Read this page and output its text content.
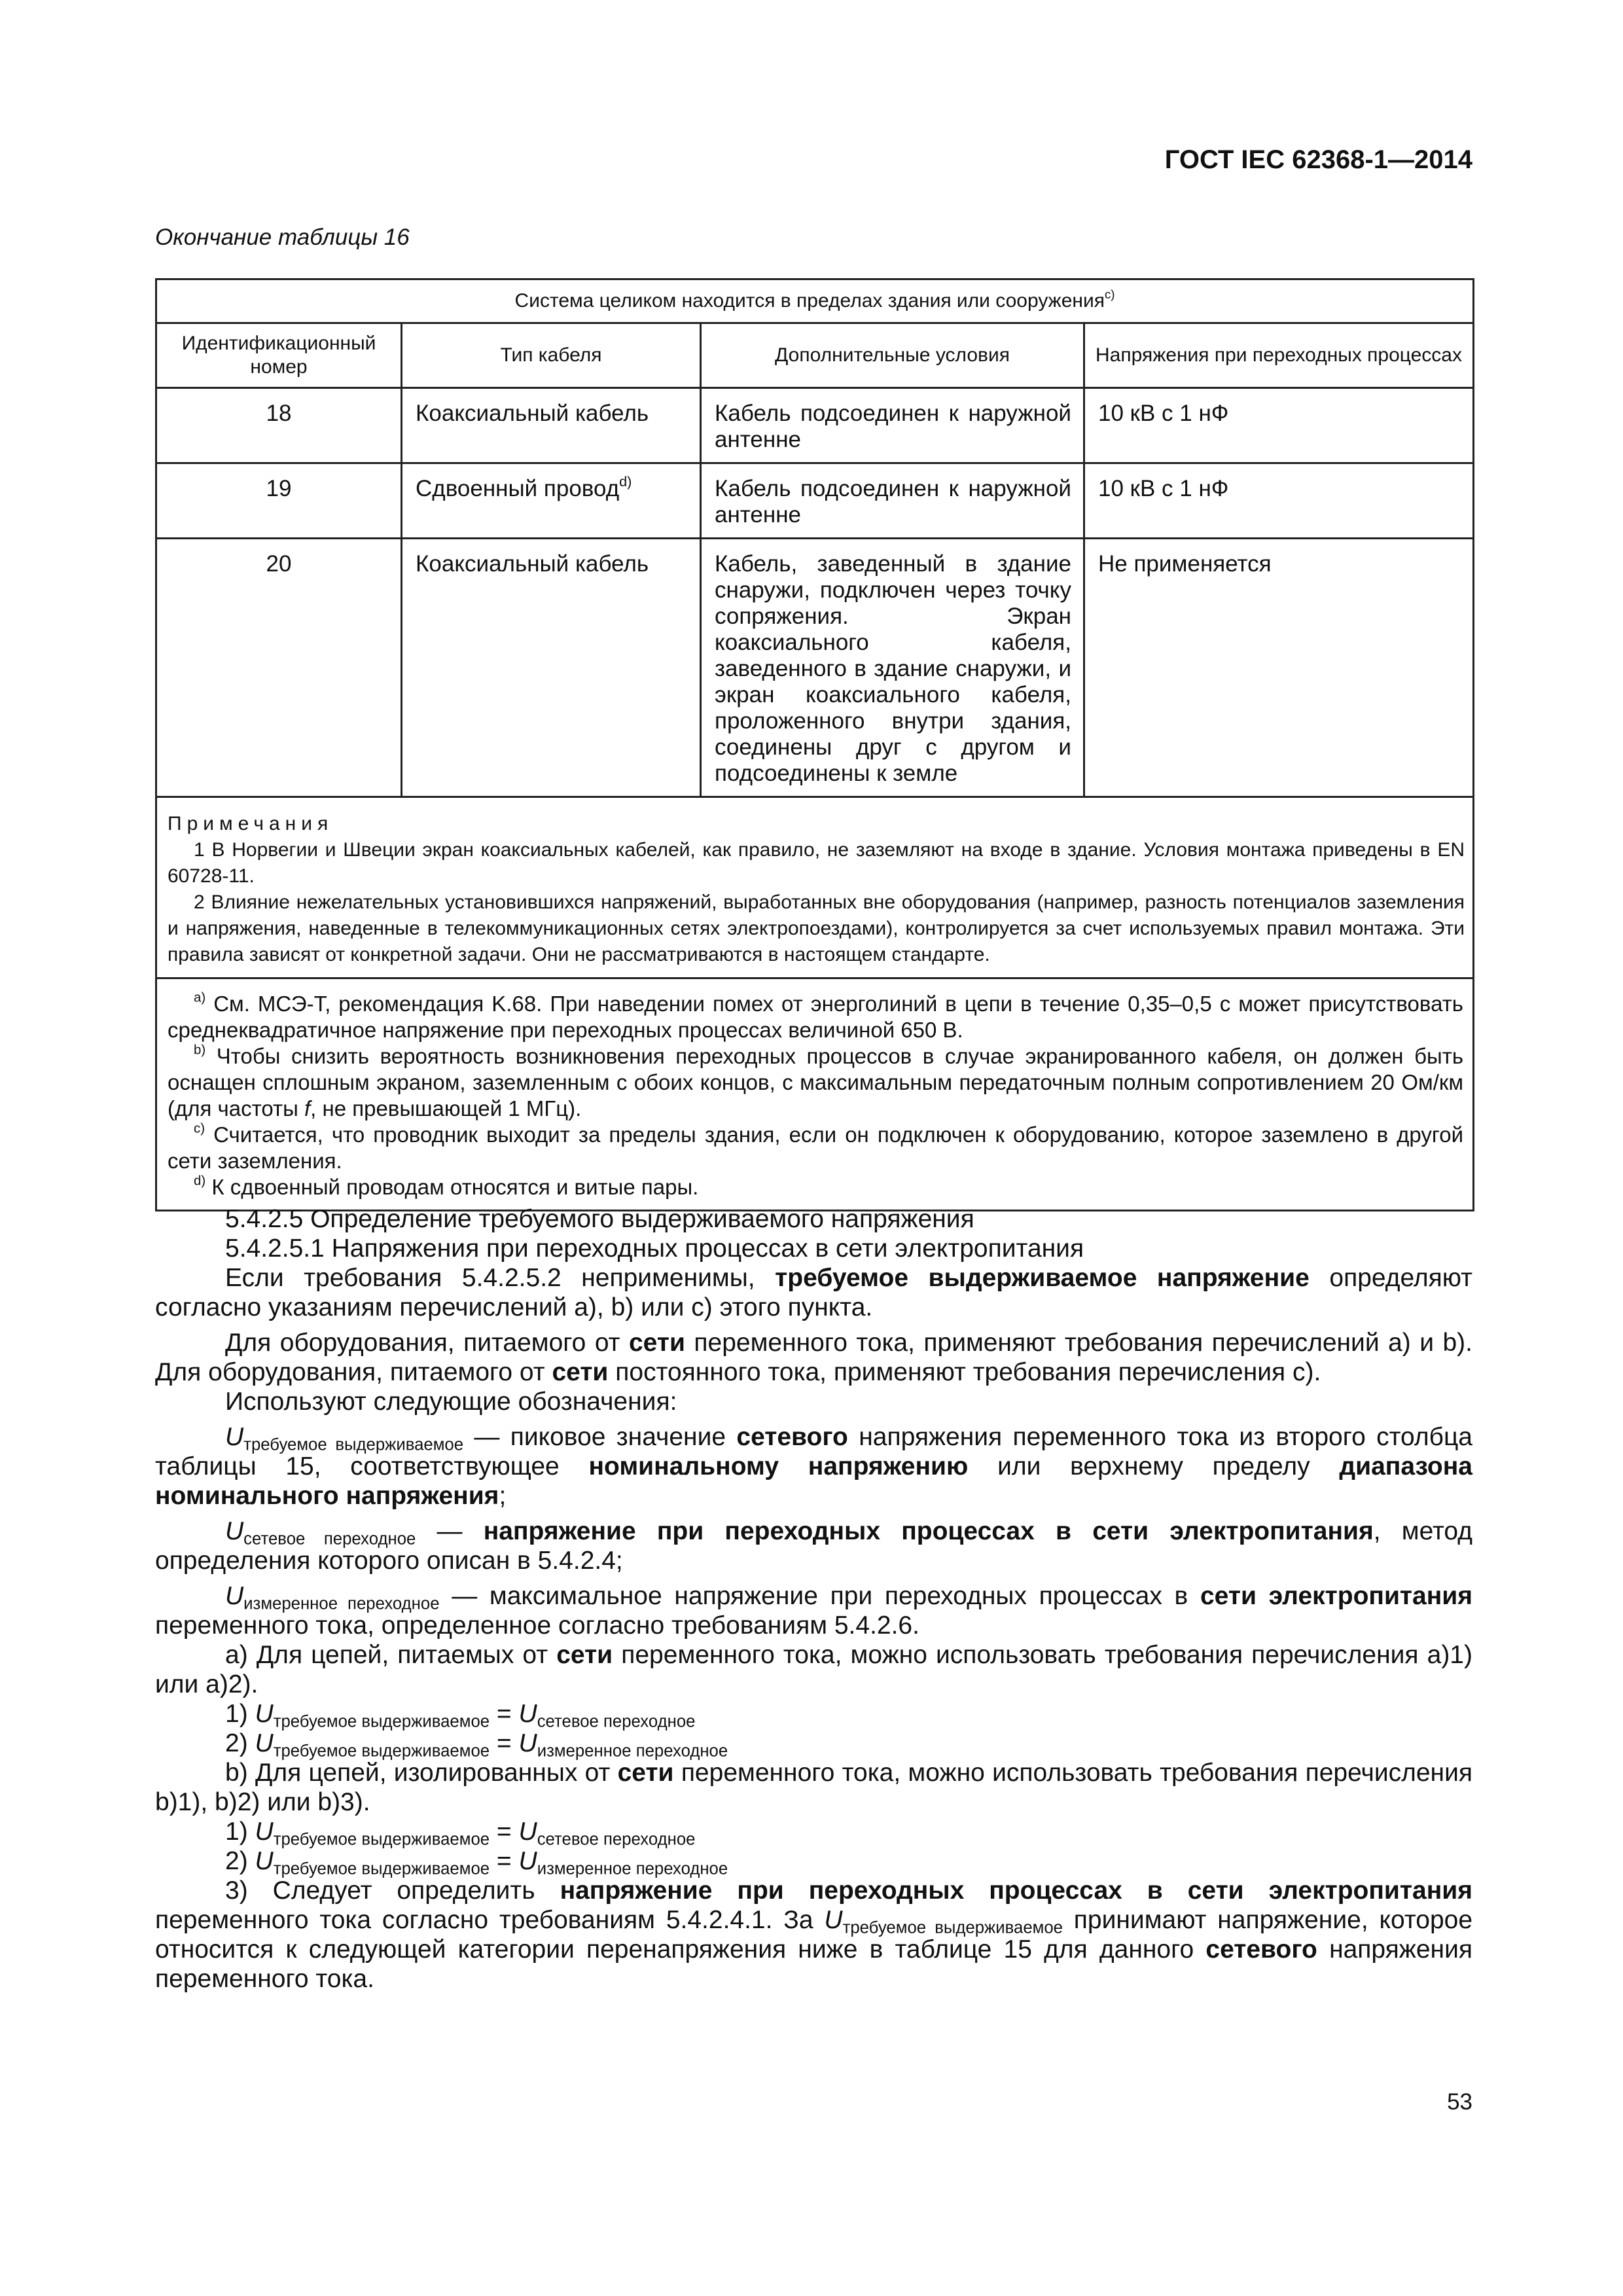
ГОСТ IEC 62368-1—2014
Окончание таблицы 16
Система целиком находится в пределах здания или сооружения$^{c)}$
Идентификационный номер	Тип кабеля	Дополнительные условия	Напряжения при переходных процессах
18	Коаксиальный кабель	Кабель подсоединен к наружной антенне	10 кВ с 1 нФ
19	Сдвоенный провод$^{d)}$	Кабель подсоединен к наружной антенне	10 кВ с 1 нФ
20	Коаксиальный кабель	Кабель, заведенный в здание снаружи, подключен через точку сопряжения. Экран коаксиального кабеля, заведенного в здание снаружи, и экран коаксиального кабеля, проложенного внутри здания, соединены друг с другом и подсоединены к земле	Не применяется

Примечания
1 В Норвегии и Швеции экран коаксиальных кабелей, как правило, не заземляют на входе в здание. Условия монтажа приведены в EN 60728-11.
2 Влияние нежелательных установившихся напряжений, выработанных вне оборудования (например, разность потенциалов заземления и напряжения, наведенные в телекоммуникационных сетях электропоездами), контролируется за счет используемых правил монтажа. Эти правила зависят от конкретной задачи. Они не рассматриваются в настоящем стандарте.			

$^{a)}$ См. МСЭ-Т, рекомендация K.68. При наведении помех от энерголиний в цепи в течение 0,35–0,5 с может присутствовать среднеквадратичное напряжение при переходных процессах величиной 650 В.
$^{b)}$ Чтобы снизить вероятность возникновения переходных процессов в случае экранированного кабеля, он должен быть оснащен сплошным экраном, заземленным с обоих концов, с максимальным передаточным полным сопротивлением 20 Ом/км (для частоты f, не превышающей 1 МГц).
$^{c)}$ Считается, что проводник выходит за пределы здания, если он подключен к оборудованию, которое заземлено в другой сети заземления.
$^{d)}$ К сдвоенный проводам относятся и витые пары.			

5.4.2.5 Определение требуемого выдерживаемого напряжения

5.4.2.5.1 Напряжения при переходных процессах в сети электропитания

Если требования 5.4.2.5.2 неприменимы, требуемое выдерживаемое напряжение определяют согласно указаниям перечислений a), b) или c) этого пункта.

Для оборудования, питаемого от сети переменного тока, применяют требования перечислений a) и b). Для оборудования, питаемого от сети постоянного тока, применяют требования перечисления c).

Используют следующие обозначения:

$U_{требуемое выдерживаемое}$ — пиковое значение сетевого напряжения переменного тока из второго столбца таблицы 15, соответствующее номинальному напряжению или верхнему пределу диапазона номинального напряжения;

$U_{сетевое переходное}$ — напряжение при переходных процессах в сети электропитания, метод определения которого описан в 5.4.2.4;

$U_{измеренное переходное}$ — максимальное напряжение при переходных процессах в сети электропитания переменного тока, определенное согласно требованиям 5.4.2.6.

a) Для цепей, питаемых от сети переменного тока, можно использовать требования перечисления a)1) или a)2).

1) $U_{требуемое выдерживаемое} = U_{сетевое переходное}$

2) $U_{требуемое выдерживаемое} = U_{измеренное переходное}$

b) Для цепей, изолированных от сети переменного тока, можно использовать требования перечисления b)1), b)2) или b)3).

1) $U_{требуемое выдерживаемое} = U_{сетевое переходное}$

2) $U_{требуемое выдерживаемое} = U_{измеренное переходное}$

3) Следует определить напряжение при переходных процессах в сети электропитания переменного тока согласно требованиям 5.4.2.4.1. За $U_{требуемое выдерживаемое}$ принимают напряжение, которое относится к следующей категории перенапряжения ниже в таблице 15 для данного сетевого напряжения переменного тока.

53
